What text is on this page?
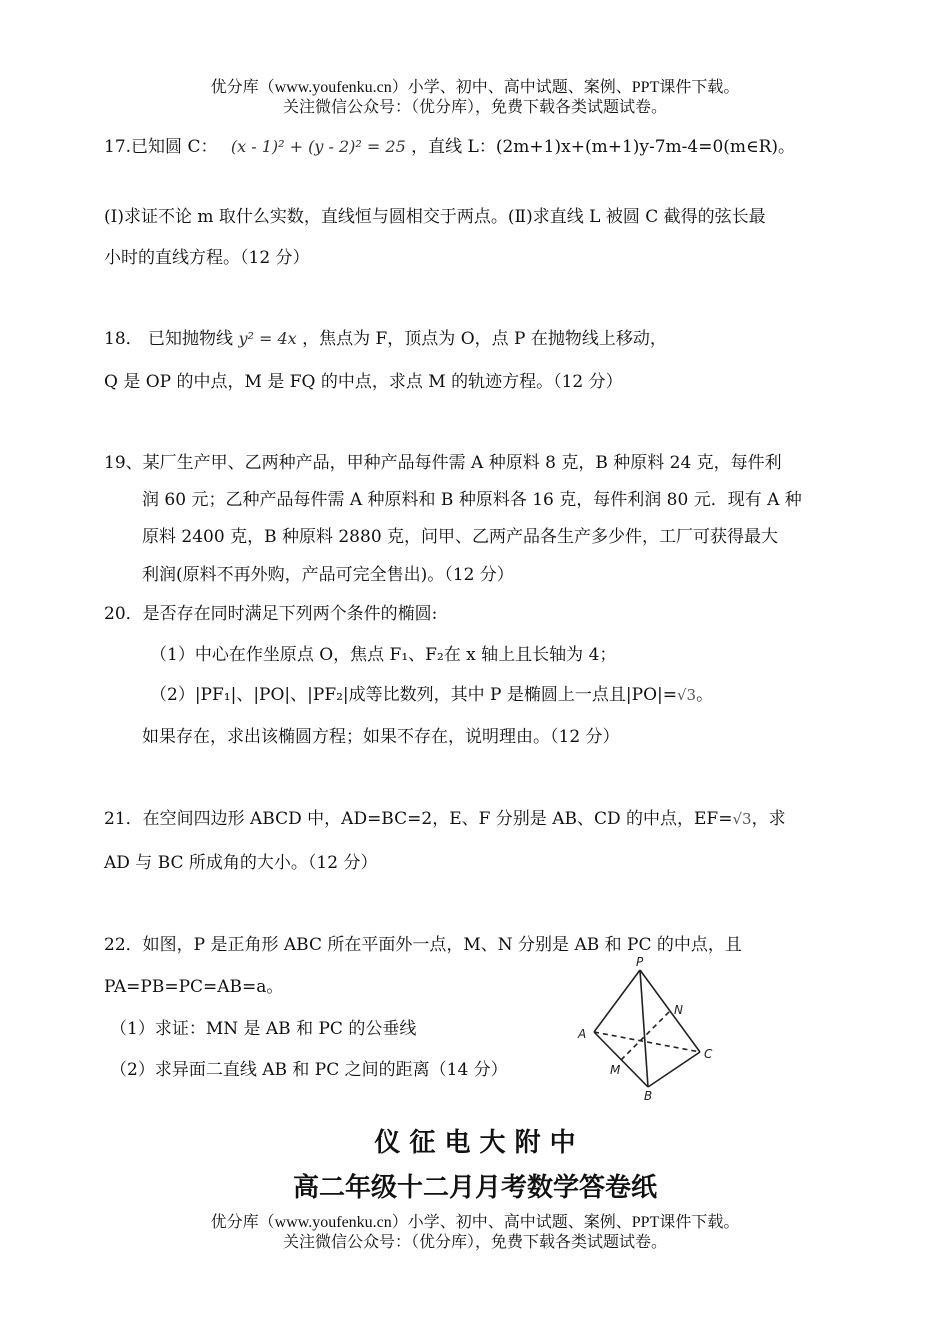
优分库（www.youfenku.cn）小学、初中、高中试题、案例、PPT课件下载。
关注微信公众号：（优分库），免费下载各类试题试卷。
17.已知圆 C： (x - 1)² + (y - 2)² = 25 ，直线 L：(2m+1)x+(m+1)y-7m-4=0(m∈R)。
(Ⅰ)求证不论 m 取什么实数，直线恒与圆相交于两点。(Ⅱ)求直线 L 被圆 C 截得的弦长最
小时的直线方程。（12 分）
18． 已知抛物线 y² = 4x ，焦点为 F，顶点为 O，点 P 在抛物线上移动，
Q 是 OP 的中点，M 是 FQ 的中点，求点 M 的轨迹方程。（12 分）
19、某厂生产甲、乙两种产品，甲种产品每件需 A 种原料 8 克，B 种原料 24 克，每件利
润 60 元；乙种产品每件需 A 种原料和 B 种原料各 16 克，每件利润 80 元．现有 A 种
原料 2400 克，B 种原料 2880 克，问甲、乙两产品各生产多少件，工厂可获得最大
利润(原料不再外购，产品可完全售出)。（12 分）
20．是否存在同时满足下列两个条件的椭圆:
（1）中心在作坐原点 O，焦点 F₁、F₂在 x 轴上且长轴为 4；
（2）|PF₁|、|PO|、|PF₂|成等比数列，其中 P 是椭圆上一点且|PO|=√3。
如果存在，求出该椭圆方程；如果不存在，说明理由。（12 分）
21．在空间四边形 ABCD 中，AD=BC=2，E、F 分别是 AB、CD 的中点，EF=√3，求
AD 与 BC 所成角的大小。（12 分）
22．如图，P 是正角形 ABC 所在平面外一点，M、N 分别是 AB 和 PC 的中点，且
PA=PB=PC=AB=a。
（1）求证：MN 是 AB 和 PC 的公垂线
（2）求异面二直线 AB 和 PC 之间的距离（14 分）
P
A
B
C
M
N
仪 征 电 大 附 中
高二年级十二月月考数学答卷纸
优分库（www.youfenku.cn）小学、初中、高中试题、案例、PPT课件下载。
关注微信公众号：（优分库），免费下载各类试题试卷。
